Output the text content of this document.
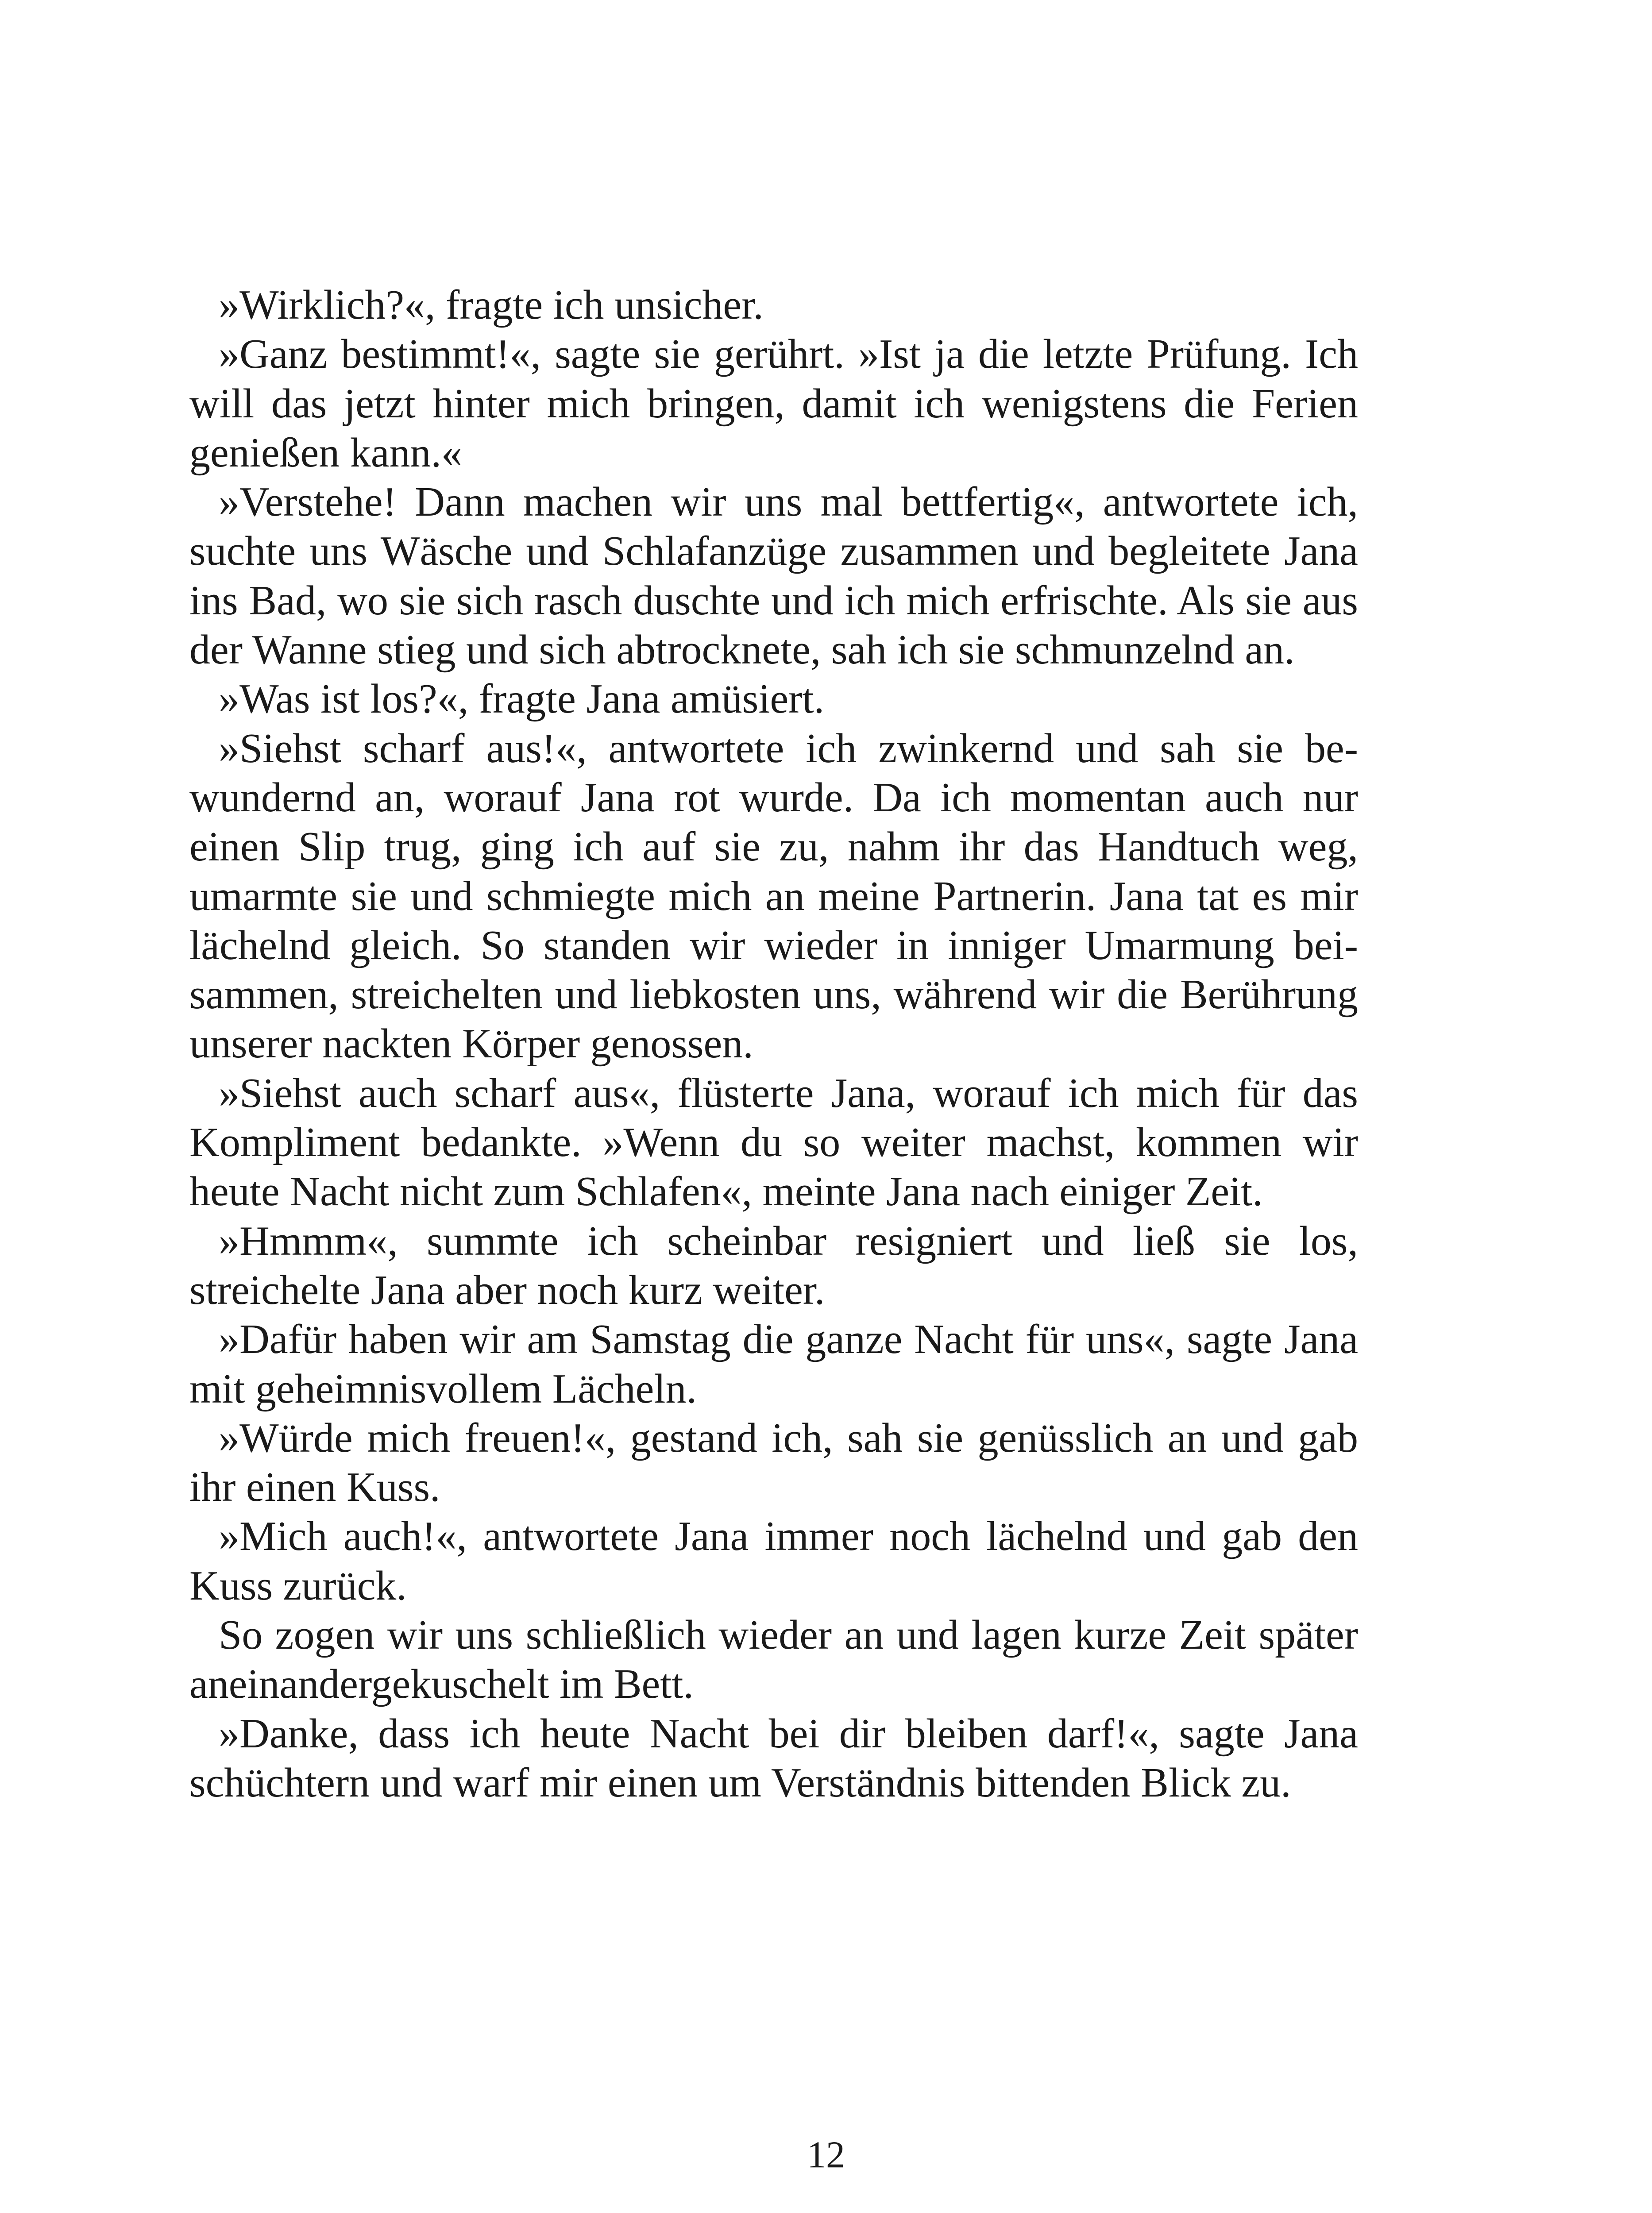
»Wirklich?«, fragte ich unsicher.

»Ganz bestimmt!«, sagte sie gerührt. »Ist ja die letzte Prüfung. Ich will das jetzt hinter mich bringen, damit ich wenigstens die Ferien genießen kann.«

»Verstehe! Dann machen wir uns mal bettfertig«, antwortete ich, suchte uns Wäsche und Schlafanzüge zusammen und begleitete Jana ins Bad, wo sie sich rasch duschte und ich mich erfrischte. Als sie aus der Wanne stieg und sich abtrocknete, sah ich sie schmunzelnd an.

»Was ist los?«, fragte Jana amüsiert.

»Siehst scharf aus!«, antwortete ich zwinkernd und sah sie bewundernd an, worauf Jana rot wurde. Da ich momentan auch nur einen Slip trug, ging ich auf sie zu, nahm ihr das Handtuch weg, umarmte sie und schmiegte mich an meine Partnerin. Jana tat es mir lächelnd gleich. So standen wir wieder in inniger Umarmung beisammen, streichelten und liebkosten uns, während wir die Berührung unserer nackten Körper genossen.

»Siehst auch scharf aus«, flüsterte Jana, worauf ich mich für das Kompliment bedankte. »Wenn du so weiter machst, kommen wir heute Nacht nicht zum Schlafen«, meinte Jana nach einiger Zeit.

»Hmmm«, summte ich scheinbar resigniert und ließ sie los, streichelte Jana aber noch kurz weiter.

»Dafür haben wir am Samstag die ganze Nacht für uns«, sagte Jana mit geheimnisvollem Lächeln.

»Würde mich freuen!«, gestand ich, sah sie genüsslich an und gab ihr einen Kuss.

»Mich auch!«, antwortete Jana immer noch lächelnd und gab den Kuss zurück.

So zogen wir uns schließlich wieder an und lagen kurze Zeit später aneinandergekuschelt im Bett.

»Danke, dass ich heute Nacht bei dir bleiben darf!«, sagte Jana schüchtern und warf mir einen um Verständnis bittenden Blick zu.

12
